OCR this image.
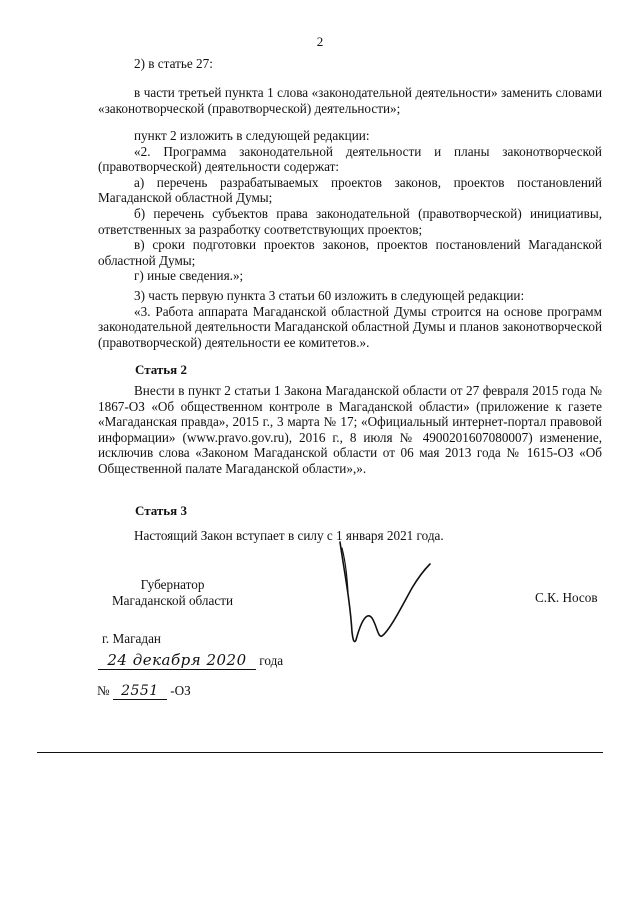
2

2) в статье 27:

в части третьей пункта 1 слова «законодательной деятельности» заменить словами «законотворческой (правотворческой) деятельности»;

пункт 2 изложить в следующей редакции:

«2. Программа законодательной деятельности и планы законотворческой (правотворческой) деятельности содержат:

а) перечень разрабатываемых проектов законов, проектов постановлений Магаданской областной Думы;

б) перечень субъектов права законодательной (правотворческой) инициативы, ответственных за разработку соответствующих проектов;

в) сроки подготовки проектов законов, проектов постановлений Магаданской областной Думы;

г) иные сведения.»;

3) часть первую пункта 3 статьи 60 изложить в следующей редакции:

«3. Работа аппарата Магаданской областной Думы строится на основе программ законодательной деятельности Магаданской областной Думы и планов законотворческой (правотворческой) деятельности ее комитетов.».

Статья 2

Внести в пункт 2 статьи 1 Закона Магаданской области от 27 февраля 2015 года № 1867-ОЗ «Об общественном контроле в Магаданской области» (приложение к газете «Магаданская правда», 2015 г., 3 марта № 17; «Официальный интернет-портал правовой информации» (www.pravo.gov.ru), 2016 г., 8 июля № 4900201607080007) изменение, исключив слова «Законом Магаданской области от 06 мая 2013 года № 1615-ОЗ «Об Общественной палате Магаданской области»,».

Статья 3

Настоящий Закон вступает в силу с 1 января 2021 года.

Губернатор
Магаданской области	С.К. Носов
г. Магадан
24 декабря 2020 года
№ 2551 -ОЗ
